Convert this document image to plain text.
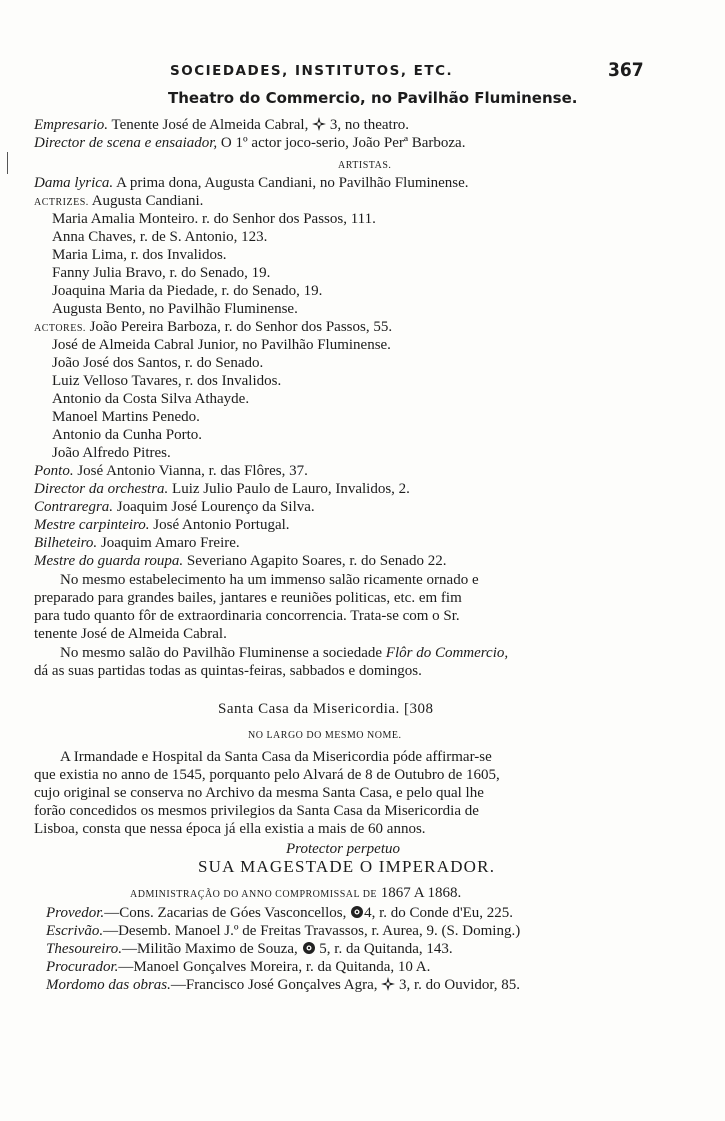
SOCIEDADES, INSTITUTOS, ETC.	367
Theatro do Commercio, no Pavilhão Fluminense.
Empresario. Tenente José de Almeida Cabral, 3, no theatro.
Director de scena e ensaiador, O 1º actor joco-serio, João Perª Barboza.
ARTISTAS.
Dama lyrica. A prima dona, Augusta Candiani, no Pavilhão Fluminense.
ACTRIZES. Augusta Candiani.
Maria Amalia Monteiro. r. do Senhor dos Passos, 111.
Anna Chaves, r. de S. Antonio, 123.
Maria Lima, r. dos Invalidos.
Fanny Julia Bravo, r. do Senado, 19.
Joaquina Maria da Piedade, r. do Senado, 19.
Augusta Bento, no Pavilhão Fluminense.
ACTORES. João Pereira Barboza, r. do Senhor dos Passos, 55.
José de Almeida Cabral Junior, no Pavilhão Fluminense.
João José dos Santos, r. do Senado.
Luiz Velloso Tavares, r. dos Invalidos.
Antonio da Costa Silva Athayde.
Manoel Martins Penedo.
Antonio da Cunha Porto.
João Alfredo Pitres.
Ponto. José Antonio Vianna, r. das Flôres, 37.
Director da orchestra. Luiz Julio Paulo de Lauro, Invalidos, 2.
Contraregra. Joaquim José Lourenço da Silva.
Mestre carpinteiro. José Antonio Portugal.
Bilheteiro. Joaquim Amaro Freire.
Mestre do guarda roupa. Severiano Agapito Soares, r. do Senado 22.
No mesmo estabelecimento ha um immenso salão ricamente ornado e
preparado para grandes bailes, jantares e reuniões politicas, etc. em fim
para tudo quanto fôr de extraordinaria concorrencia. Trata-se com o Sr.
tenente José de Almeida Cabral.
No mesmo salão do Pavilhão Fluminense a sociedade Flôr do Commercio,
dá as suas partidas todas as quintas-feiras, sabbados e domingos.
Santa Casa da Misericordia. [308
NO LARGO DO MESMO NOME.
A Irmandade e Hospital da Santa Casa da Misericordia póde affirmar-se
que existia no anno de 1545, porquanto pelo Alvará de 8 de Outubro de 1605,
cujo original se conserva no Archivo da mesma Santa Casa, e pelo qual lhe
forão concedidos os mesmos privilegios da Santa Casa da Misericordia de
Lisboa, consta que nessa época já ella existia a mais de 60 annos.
Protector perpetuo
SUA MAGESTADE O IMPERADOR.
ADMINISTRAÇÃO DO ANNO COMPROMISSAL DE 1867 A 1868.
Provedor.—Cons. Zacarias de Góes Vasconcellos, 4, r. do Conde d'Eu, 225.
Escrivão.—Desemb. Manoel J.º de Freitas Travassos, r. Aurea, 9. (S. Doming.)
Thesoureiro.—Militão Maximo de Souza, 5, r. da Quitanda, 143.
Procurador.—Manoel Gonçalves Moreira, r. da Quitanda, 10 A.
Mordomo das obras.—Francisco José Gonçalves Agra, 3, r. do Ouvidor, 85.
